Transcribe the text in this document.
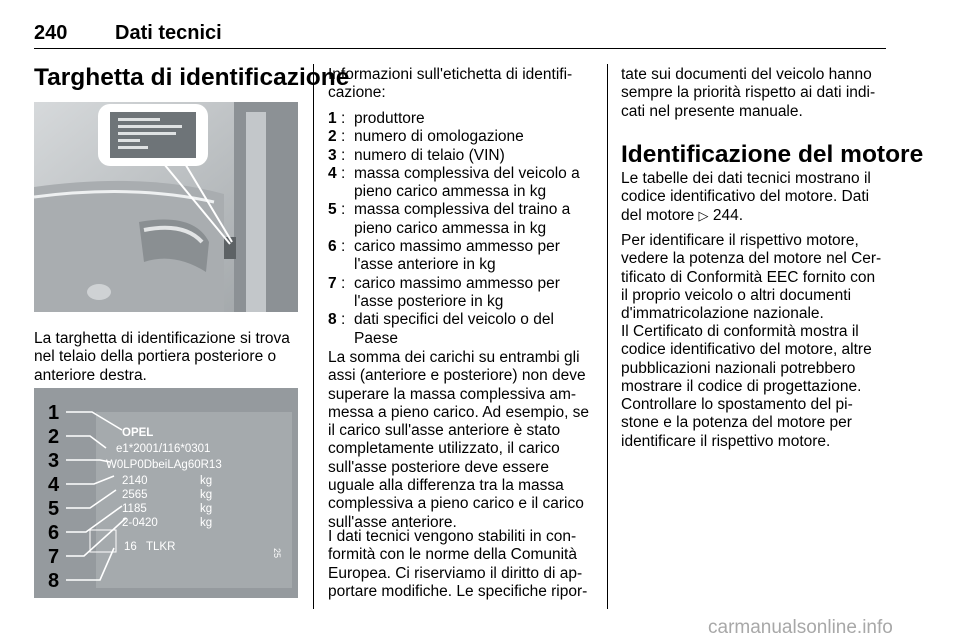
240 Dati tecnici
Targhetta di identificazione
La targhetta di identificazione si trova
nel telaio della portiera posteriore o
anteriore destra.
1
2
3
4
5
6
7
8
OPEL
e1*2001/116*0301
W0LP0DbeiLAg60R13
2140	kg
2565	kg
1185	kg
2-0420	kg
16 TLKR
25
Informazioni sull'etichetta di identifi-
cazione:
1 : produttore
2 : numero di omologazione
3 : numero di telaio (VIN)
4 : massa complessiva del veicolo a
pieno carico ammessa in kg
5 : massa complessiva del traino a
pieno carico ammessa in kg
6 : carico massimo ammesso per
l'asse anteriore in kg
7 : carico massimo ammesso per
l'asse posteriore in kg
8 : dati specifici del veicolo o del
Paese
La somma dei carichi su entrambi gli
assi (anteriore e posteriore) non deve
superare la massa complessiva am-
messa a pieno carico. Ad esempio, se
il carico sull'asse anteriore è stato
completamente utilizzato, il carico
sull'asse posteriore deve essere
uguale alla differenza tra la massa
complessiva a pieno carico e il carico
sull'asse anteriore.
I dati tecnici vengono stabiliti in con-
formità con le norme della Comunità
Europea. Ci riserviamo il diritto di ap-
portare modifiche. Le specifiche ripor-
tate sui documenti del veicolo hanno
sempre la priorità rispetto ai dati indi-
cati nel presente manuale.
Identificazione del motore
Le tabelle dei dati tecnici mostrano il
codice identificativo del motore. Dati
del motore ▷ 244.
Per identificare il rispettivo motore,
vedere la potenza del motore nel Cer-
tificato di Conformità EEC fornito con
il proprio veicolo o altri documenti
d'immatricolazione nazionale.
Il Certificato di conformità mostra il
codice identificativo del motore, altre
pubblicazioni nazionali potrebbero
mostrare il codice di progettazione.
Controllare lo spostamento del pi-
stone e la potenza del motore per
identificare il rispettivo motore.
carmanualsonline.info
